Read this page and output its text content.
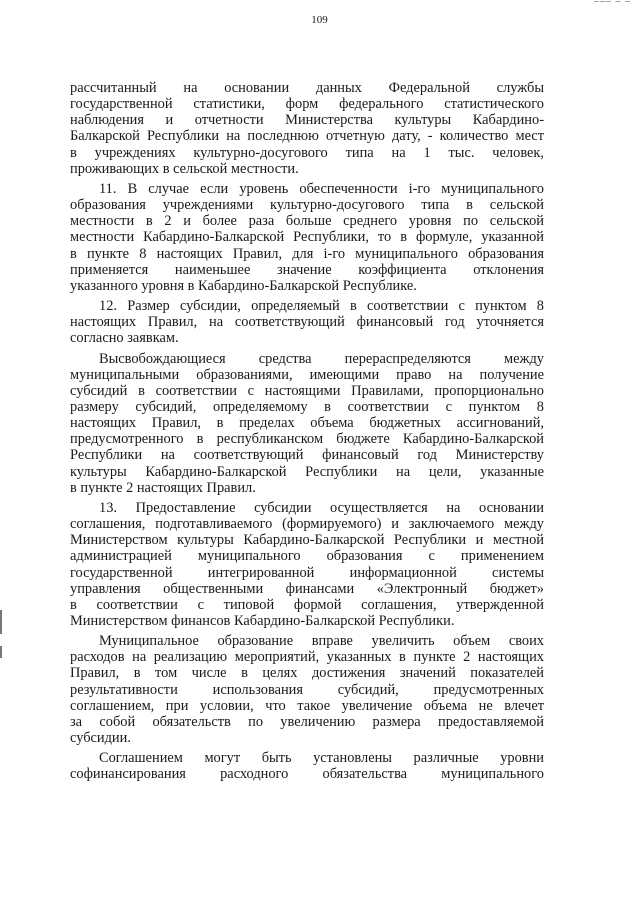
––– – –
109
рассчитанный на основании данных Федеральной службы
государственной статистики, форм федерального статистического
наблюдения и отчетности Министерства культуры Кабардино-
Балкарской Республики на последнюю отчетную дату, - количество мест
в учреждениях культурно-досугового типа на 1 тыс. человек,
проживающих в сельской местности.
11. В случае если уровень обеспеченности i-го муниципального
образования учреждениями культурно-досугового типа в сельской
местности в 2 и более раза больше среднего уровня по сельской
местности Кабардино-Балкарской Республики, то в формуле, указанной
в пункте 8 настоящих Правил, для i-го муниципального образования
применяется наименьшее значение коэффициента отклонения
указанного уровня в Кабардино-Балкарской Республике.
12. Размер субсидии, определяемый в соответствии с пунктом 8
настоящих Правил, на соответствующий финансовый год уточняется
согласно заявкам.
Высвобождающиеся средства перераспределяются между
муниципальными образованиями, имеющими право на получение
субсидий в соответствии с настоящими Правилами, пропорционально
размеру субсидий, определяемому в соответствии с пунктом 8
настоящих Правил, в пределах объема бюджетных ассигнований,
предусмотренного в республиканском бюджете Кабардино-Балкарской
Республики на соответствующий финансовый год Министерству
культуры Кабардино-Балкарской Республики на цели, указанные
в пункте 2 настоящих Правил.
13. Предоставление субсидии осуществляется на основании
соглашения, подготавливаемого (формируемого) и заключаемого между
Министерством культуры Кабардино-Балкарской Республики и местной
администрацией муниципального образования с применением
государственной интегрированной информационной системы
управления общественными финансами «Электронный бюджет»
в соответствии с типовой формой соглашения, утвержденной
Министерством финансов Кабардино-Балкарской Республики.
Муниципальное образование вправе увеличить объем своих
расходов на реализацию мероприятий, указанных в пункте 2 настоящих
Правил, в том числе в целях достижения значений показателей
результативности использования субсидий, предусмотренных
соглашением, при условии, что такое увеличение объема не влечет
за собой обязательств по увеличению размера предоставляемой
субсидии.
Соглашением могут быть установлены различные уровни
софинансирования расходного обязательства муниципального
